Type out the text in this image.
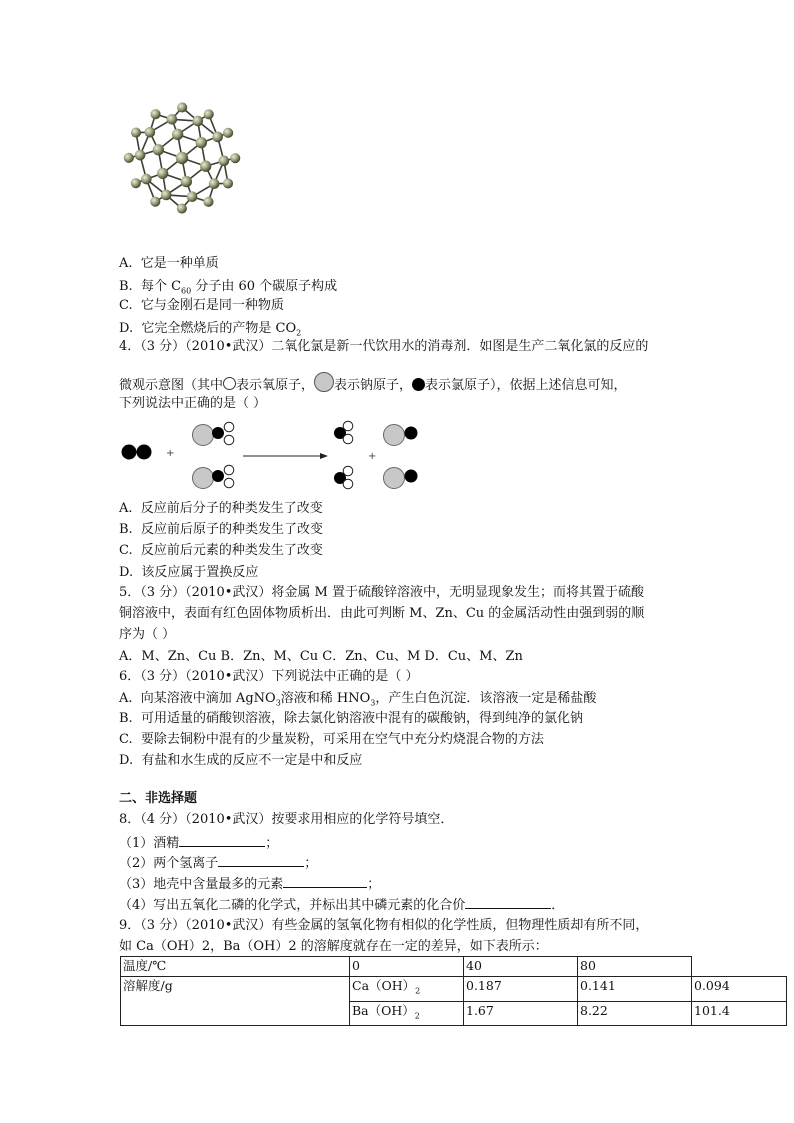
A. 它是一种单质
B. 每个 $C_{60}$ 分子由 60 个碳原子构成
C. 它与金刚石是同一种物质
D. 它完全燃烧后的产物是 $CO_2$
4．（3 分）（2010•武汉）二氧化氯是新一代饮用水的消毒剂．如图是生产二氧化氯的反应的
微观示意图（其中 表示氧原子， 表示钠原子， 表示氯原子），依据上述信息可知，
下列说法中正确的是（ ）
+	+
A. 反应前后分子的种类发生了改变
B. 反应前后原子的种类发生了改变
C. 反应前后元素的种类发生了改变
D. 该反应属于置换反应
5．（3 分）（2010•武汉）将金属 M 置于硫酸锌溶液中，无明显现象发生；而将其置于硫酸
铜溶液中，表面有红色固体物质析出．由此可判断 M、Zn、Cu 的金属活动性由强到弱的顺
序为（ ）
A．M、Zn、Cu B．Zn、M、Cu C．Zn、Cu、M D．Cu、M、Zn
6．（3 分）（2010•武汉）下列说法中正确的是（ ）
A. 向某溶液中滴加 AgNO$_3$溶液和稀 $HNO_3$，产生白色沉淀．该溶液一定是稀盐酸
B. 可用适量的硝酸钡溶液，除去氯化钠溶液中混有的碳酸钠，得到纯净的氯化钠
C. 要除去铜粉中混有的少量炭粉，可采用在空气中充分灼烧混合物的方法
D. 有盐和水生成的反应不一定是中和反应
二、非选择题
8．（4 分）（2010•武汉）按要求用相应的化学符号填空．
（1）酒精	；
（2）两个氢离子	；
（3）地壳中含量最多的元素	；
（4）写出五氧化二磷的化学式，并标出其中磷元素的化合价	．
9．（3 分）（2010•武汉）有些金属的氢氧化物有相似的化学性质，但物理性质却有所不同，
如 Ca（OH）2，Ba（OH）2 的溶解度就存在一定的差异，如下表所示：
温度/℃	0	40	80	
溶解度/g	$Ca(OH)_2$	0.187	0.141	0.094
	$Ba(OH)_2$	1.67	8.22	101.4
